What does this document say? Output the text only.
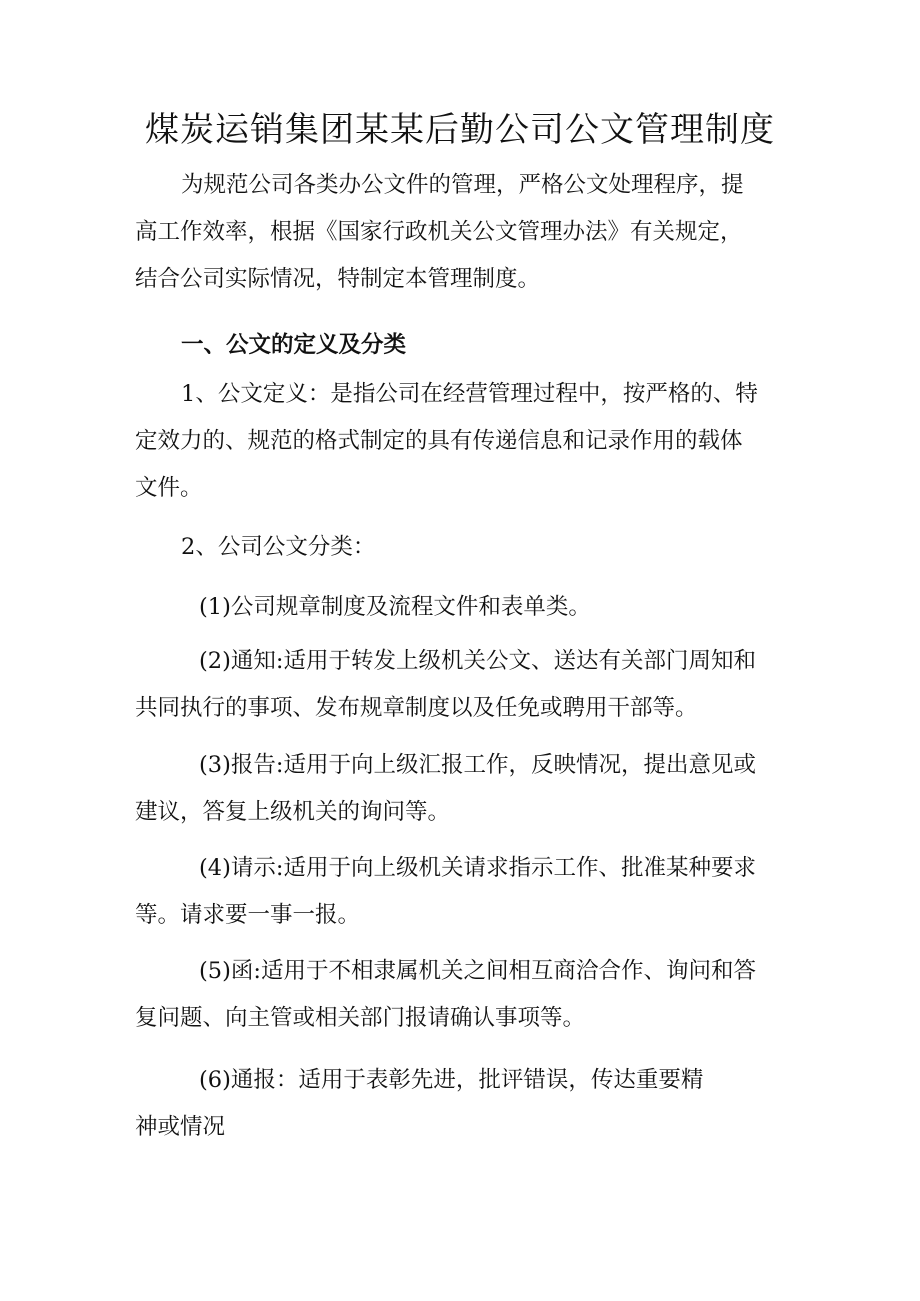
煤炭运销集团某某后勤公司公文管理制度

为规范公司各类办公文件的管理，严格公文处理程序，提
高工作效率，根据《国家行政机关公文管理办法》有关规定，
结合公司实际情况，特制定本管理制度。

一、公文的定义及分类

1、公文定义：是指公司在经营管理过程中，按严格的、特
定效力的、规范的格式制定的具有传递信息和记录作用的载体
文件。

2、公司公文分类：

(1)公司规章制度及流程文件和表单类。

(2)通知:适用于转发上级机关公文、送达有关部门周知和
共同执行的事项、发布规章制度以及任免或聘用干部等。

(3)报告:适用于向上级汇报工作，反映情况，提出意见或
建议，答复上级机关的询问等。

(4)请示:适用于向上级机关请求指示工作、批准某种要求
等。请求要一事一报。

(5)函:适用于不相隶属机关之间相互商洽合作、询问和答
复问题、向主管或相关部门报请确认事项等。

(6)通报：适用于表彰先进，批评错误，传达重要精
神或情况
